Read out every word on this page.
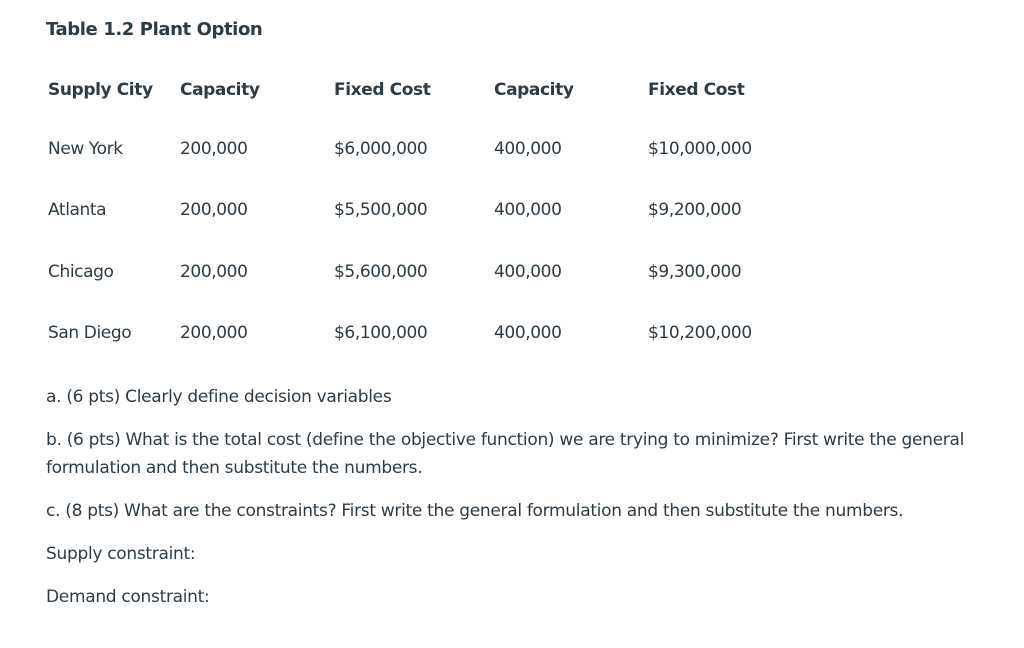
Table 1.2 Plant Option
Supply City	Capacity	Fixed Cost	Capacity	Fixed Cost
New York	200,000	$6,000,000	400,000	$10,000,000
Atlanta	200,000	$5,500,000	400,000	$9,200,000
Chicago	200,000	$5,600,000	400,000	$9,300,000
San Diego	200,000	$6,100,000	400,000	$10,200,000

a. (6 pts) Clearly define decision variables

b. (6 pts) What is the total cost (define the objective function) we are trying to minimize? First write the general formulation and then substitute the numbers.

c. (8 pts) What are the constraints? First write the general formulation and then substitute the numbers.

Supply constraint:

Demand constraint:
